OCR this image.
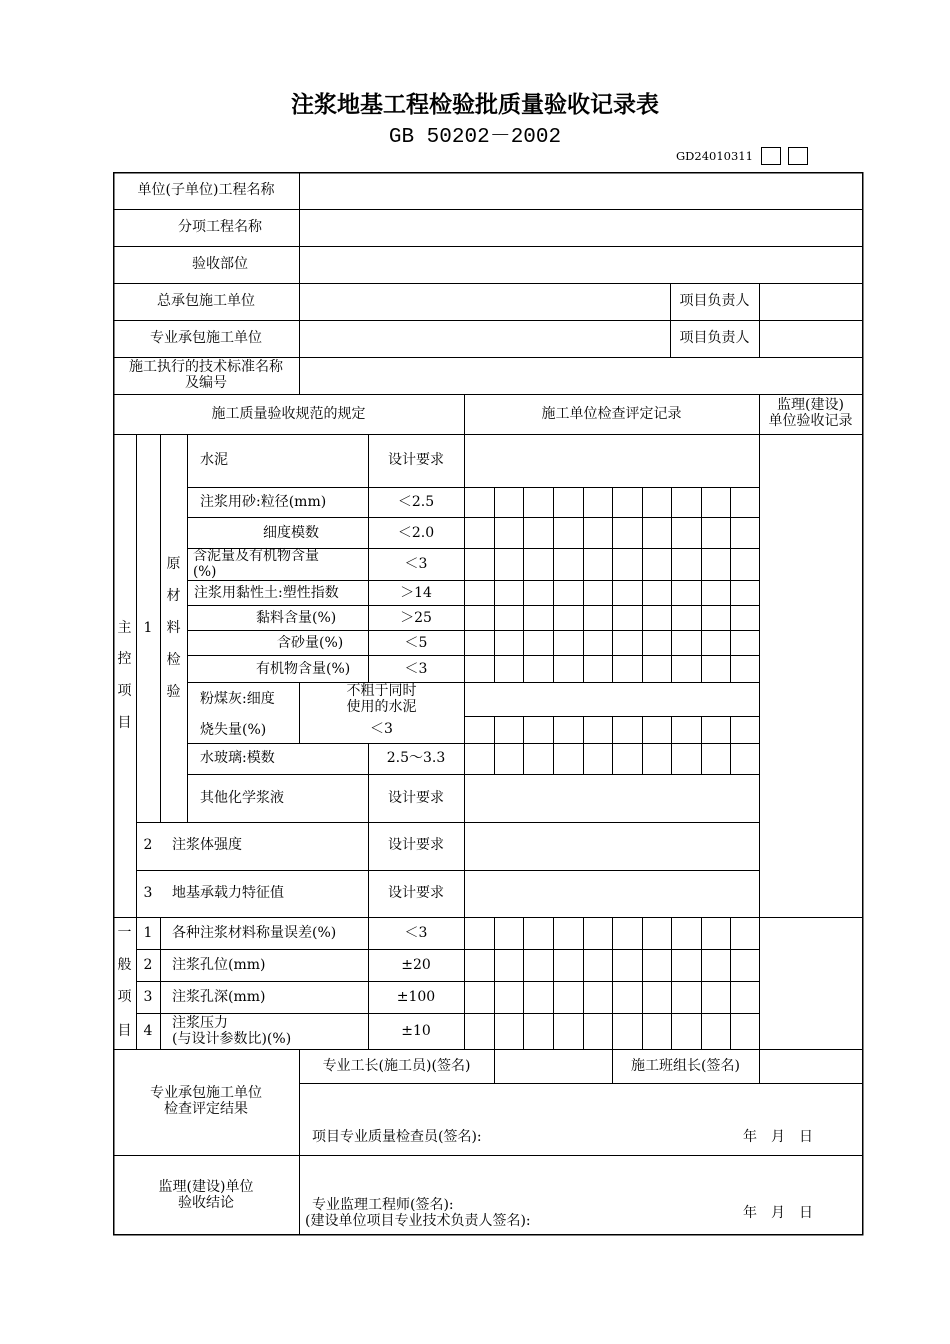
注浆地基工程检验批质量验收记录表
GB 50202－2002
GD24010311
单位(子单位)工程名称
分项工程名称
验收部位
总承包施工单位	项目负责人
专业承包施工单位	项目负责人
施工执行的技术标准名称
及编号
施工质量验收规范的规定	施工单位检查评定记录
监理(建设)
单位验收记录
主
控
项
目
1
原
材
料
检
验
水泥	设计要求
注浆用砂:粒径(mm)	＜2.5
细度模数	＜2.0
含泥量及有机物含量
(%)	＜3
注浆用黏性土:塑性指数	＞14
黏料含量(%)	＞25
含砂量(%)	＜5
有机物含量(%)	＜3
粉煤灰:细度	不粗于同时
使用的水泥
烧失量(%)	＜3
水玻璃:模数	2.5～3.3
其他化学浆液	设计要求
2	注浆体强度	设计要求
3	地基承载力特征值	设计要求
一
般
项
目
1	各种注浆材料称量误差(%)	＜3
2	注浆孔位(mm)	±20
3	注浆孔深(mm)	±100
4	注浆压力
(与设计参数比)(%)	±10
专业承包施工单位
检查评定结果
专业工长(施工员)(签名)	施工班组长(签名)
项目专业质量检查员(签名):	年　月　日
监理(建设)单位
验收结论	专业监理工程师(签名):
(建设单位项目专业技术负责人签名):	年　月　日
